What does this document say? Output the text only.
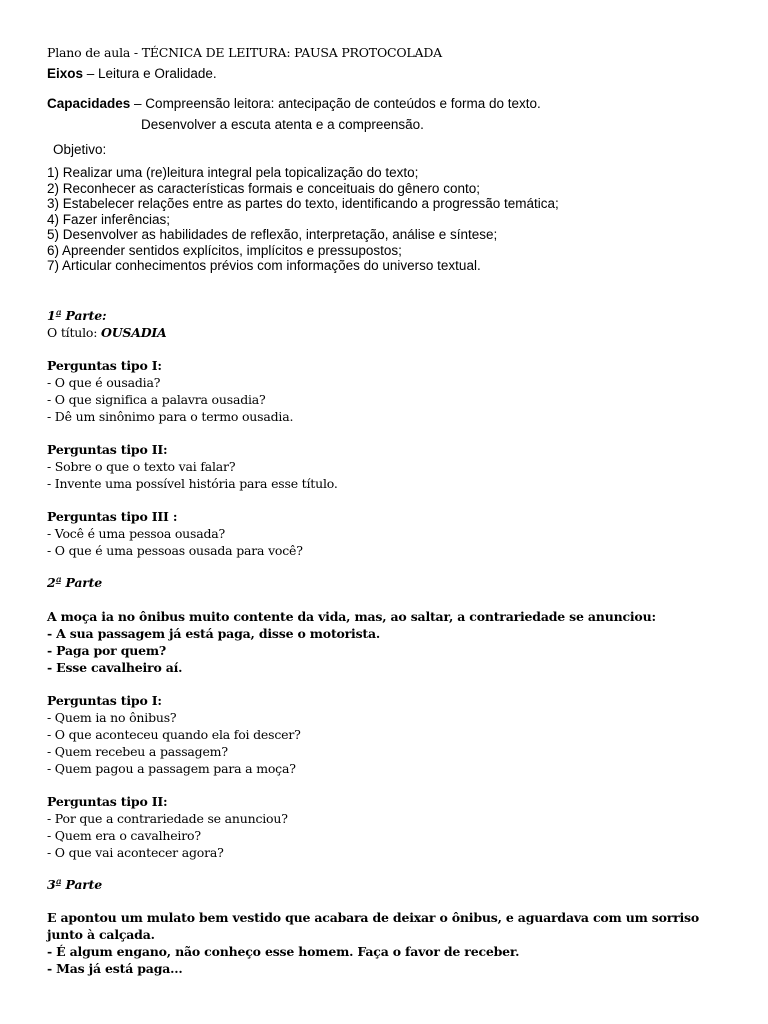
Plano de aula - TÉCNICA DE LEITURA: PAUSA PROTOCOLADA
Eixos – Leitura e Oralidade.
Capacidades – Compreensão leitora: antecipação de conteúdos e forma do texto.
Desenvolver a escuta atenta e a compreensão.
Objetivo:
1) Realizar uma (re)leitura integral pela topicalização do texto;
2) Reconhecer as características formais e conceituais do gênero conto;
3) Estabelecer relações entre as partes do texto, identificando a progressão temática;
4) Fazer inferências;
5) Desenvolver as habilidades de reflexão, interpretação, análise e síntese;
6) Apreender sentidos explícitos, implícitos e pressupostos;
7) Articular conhecimentos prévios com informações do universo textual.
1ª Parte:
O título: OUSADIA
Perguntas tipo I:
- O que é ousadia?
- O que significa a palavra ousadia?
- Dê um sinônimo para o termo ousadia.
Perguntas tipo II:
- Sobre o que o texto vai falar?
- Invente uma possível história para esse título.
Perguntas tipo III :
- Você é uma pessoa ousada?
- O que é uma pessoas ousada para você?
2ª Parte
A moça ia no ônibus muito contente da vida, mas, ao saltar, a contrariedade se anunciou:
- A sua passagem já está paga, disse o motorista.
- Paga por quem?
- Esse cavalheiro aí.
Perguntas tipo I:
- Quem ia no ônibus?
- O que aconteceu quando ela foi descer?
- Quem recebeu a passagem?
- Quem pagou a passagem para a moça?
Perguntas tipo II:
- Por que a contrariedade se anunciou?
- Quem era o cavalheiro?
- O que vai acontecer agora?
3ª Parte
E apontou um mulato bem vestido que acabara de deixar o ônibus, e aguardava com um sorriso
junto à calçada.
- É algum engano, não conheço esse homem. Faça o favor de receber.
- Mas já está paga...
